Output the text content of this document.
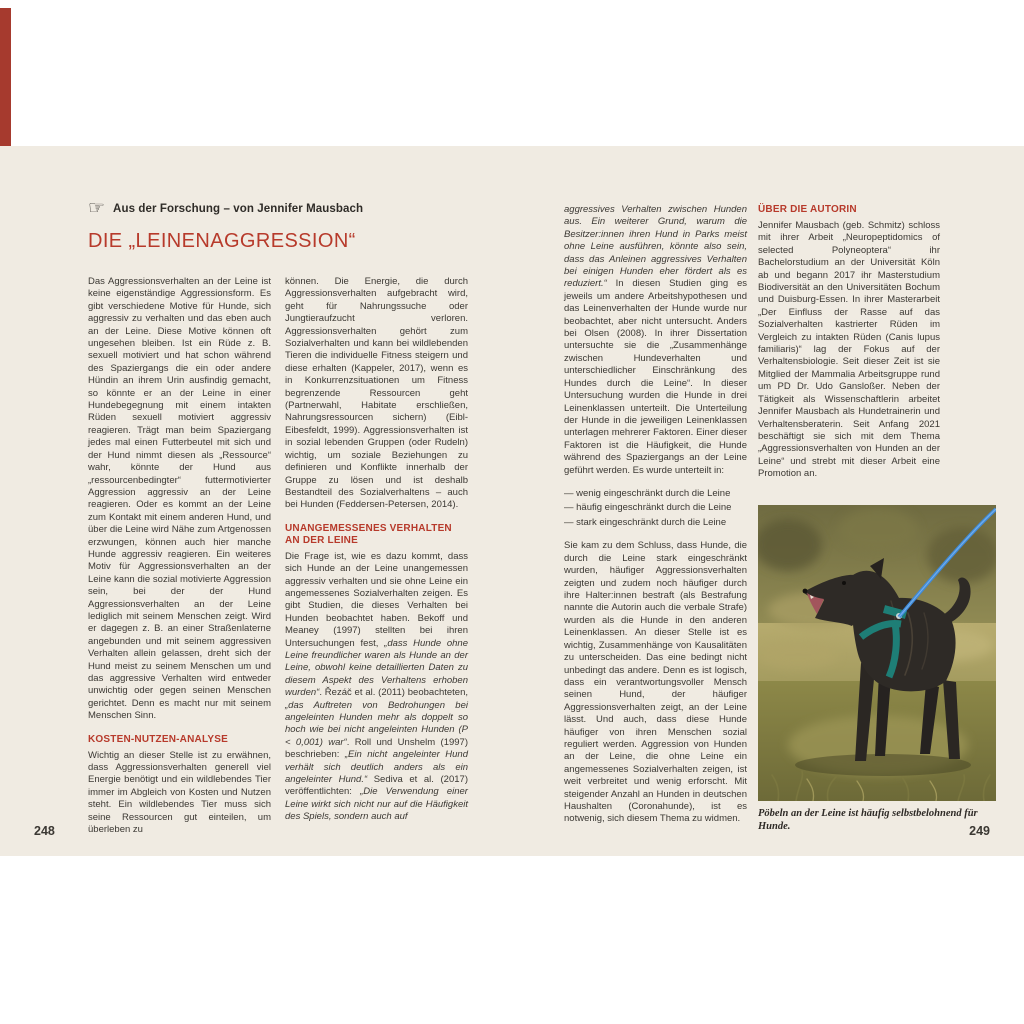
☞ Aus der Forschung – von Jennifer Mausbach
DIE „LEINENAGGRESSION“

Das Aggressionsverhalten an der Leine ist keine eigenständige Aggressionsform. Es gibt verschiedene Motive für Hunde, sich aggressiv zu verhalten und das eben auch an der Leine. Diese Motive können oft ungesehen bleiben. Ist ein Rüde z. B. sexuell motiviert und hat schon während des Spaziergangs die ein oder andere Hündin an ihrem Urin ausfindig gemacht, so könnte er an der Leine in einer Hundebegegnung mit einem intakten Rüden sexuell motiviert aggressiv reagieren. Trägt man beim Spaziergang jedes mal einen Futterbeutel mit sich und der Hund nimmt diesen als „Ressource“ wahr, könnte der Hund aus „ressourcenbedingter“ futtermotivierter Aggression aggressiv an der Leine reagieren. Oder es kommt an der Leine zum Kontakt mit einem anderen Hund, und über die Leine wird Nähe zum Artgenossen erzwungen, können auch hier manche Hunde aggressiv reagieren. Ein weiteres Motiv für Aggressionsverhalten an der Leine kann die sozial motivierte Aggression sein, bei der der Hund Aggressionsverhalten an der Leine lediglich mit seinem Menschen zeigt. Wird er dagegen z. B. an einer Straßenlaterne angebunden und mit seinem aggressiven Verhalten allein gelassen, dreht sich der Hund meist zu seinem Menschen um und das aggressive Verhalten wird entweder unwichtig oder gegen seinen Menschen gerichtet. Denn es macht nur mit seinem Menschen Sinn.

KOSTEN-NUTZEN-ANALYSE

Wichtig an dieser Stelle ist zu erwähnen, dass Aggressionsverhalten generell viel Energie benötigt und ein wildlebendes Tier immer im Abgleich von Kosten und Nutzen steht. Ein wildlebendes Tier muss sich seine Ressourcen gut einteilen, um überleben zu

können. Die Energie, die durch Aggressionsverhalten aufgebracht wird, geht für Nahrungssuche oder Jungtieraufzucht verloren. Aggressionsverhalten gehört zum Sozialverhalten und kann bei wildlebenden Tieren die individuelle Fitness steigern und diese erhalten (Kappeler, 2017), wenn es in Konkurrenzsituationen um Fitness begrenzende Ressourcen geht (Partnerwahl, Habitate erschließen, Nahrungsressourcen sichern) (Eibl-Eibesfeldt, 1999). Aggressionsverhalten ist in sozial lebenden Gruppen (oder Rudeln) wichtig, um soziale Beziehungen zu definieren und Konflikte innerhalb der Gruppe zu lösen und ist deshalb Bestandteil des Sozialverhaltens – auch bei Hunden (Feddersen-Petersen, 2014).

UNANGEMESSENES VERHALTEN AN DER LEINE

Die Frage ist, wie es dazu kommt, dass sich Hunde an der Leine unangemessen aggressiv verhalten und sie ohne Leine ein angemessenes Sozialverhalten zeigen. Es gibt Studien, die dieses Verhalten bei Hunden beobachtet haben. Bekoff und Meaney (1997) stellten bei ihren Untersuchungen fest, „dass Hunde ohne Leine freundlicher waren als Hunde an der Leine, obwohl keine detaillierten Daten zu diesem Aspekt des Verhaltens erhoben wurden“. Řezáč et al. (2011) beobachteten, „das Auftreten von Bedrohungen bei angeleinten Hunden mehr als doppelt so hoch wie bei nicht angeleinten Hunden (P < 0,001) war“. Roll und Unshelm (1997) beschrieben: „Ein nicht angeleinter Hund verhält sich deutlich anders als ein angeleinter Hund.“ Sediva et al. (2017) veröffentlichten: „Die Verwendung einer Leine wirkt sich nicht nur auf die Häufigkeit des Spiels, sondern auch auf

aggressives Verhalten zwischen Hunden aus. Ein weiterer Grund, warum die Besitzer:innen ihren Hund in Parks meist ohne Leine ausführen, könnte also sein, dass das Anleinen aggressives Verhalten bei einigen Hunden eher fördert als es reduziert.“ In diesen Studien ging es jeweils um andere Arbeitshypothesen und das Leinenverhalten der Hunde wurde nur beobachtet, aber nicht untersucht. Anders bei Olsen (2008). In ihrer Dissertation untersuchte sie die „Zusammenhänge zwischen Hundeverhalten und unterschiedlicher Einschränkung des Hundes durch die Leine“. In dieser Untersuchung wurden die Hunde in drei Leinenklassen unterteilt. Die Unterteilung der Hunde in die jeweiligen Leinenklassen unterlagen mehrerer Faktoren. Einer dieser Faktoren ist die Häufigkeit, die Hunde während des Spaziergangs an der Leine geführt werden. Es wurde unterteilt in:

— wenig eingeschränkt durch die Leine
— häufig eingeschränkt durch die Leine
— stark eingeschränkt durch die Leine

Sie kam zu dem Schluss, dass Hunde, die durch die Leine stark eingeschränkt wurden, häufiger Aggressionsverhalten zeigten und zudem noch häufiger durch ihre Halter:innen bestraft (als Bestrafung nannte die Autorin auch die verbale Strafe) wurden als die Hunde in den anderen Leinenklassen. An dieser Stelle ist es wichtig, Zusammenhänge von Kausalitäten zu unterscheiden. Das eine bedingt nicht unbedingt das andere. Denn es ist logisch, dass ein verantwortungsvoller Mensch seinen Hund, der häufiger Aggressionsverhalten zeigt, an der Leine lässt. Und auch, dass diese Hunde häufiger von ihren Menschen sozial reguliert werden. Aggression von Hunden an der Leine, die ohne Leine ein angemessenes Sozialverhalten zeigen, ist weit verbreitet und wenig erforscht. Mit steigender Anzahl an Hunden in deutschen Haushalten (Coronahunde), ist es notwenig, sich diesem Thema zu widmen.

ÜBER DIE AUTORIN

Jennifer Mausbach (geb. Schmitz) schloss mit ihrer Arbeit „Neuropeptidomics of selected Polyneoptera“ ihr Bachelorstudium an der Universität Köln ab und begann 2017 ihr Masterstudium Biodiversität an den Universitäten Bochum und Duisburg-Essen. In ihrer Masterarbeit „Der Einfluss der Rasse auf das Sozialverhalten kastrierter Rüden im Vergleich zu intakten Rüden (Canis lupus familiaris)“ lag der Fokus auf der Verhaltensbiologie. Seit dieser Zeit ist sie Mitglied der Mammalia Arbeitsgruppe rund um PD Dr. Udo Gansloßer. Neben der Tätigkeit als Wissenschaftlerin arbeitet Jennifer Mausbach als Hundetrainerin und Verhaltensberaterin. Seit Anfang 2021 beschäftigt sie sich mit dem Thema „Aggressionsverhalten von Hunden an der Leine“ und strebt mit dieser Arbeit eine Promotion an.

Pöbeln an der Leine ist häufig selbstbelohnend für Hunde.
248	249
